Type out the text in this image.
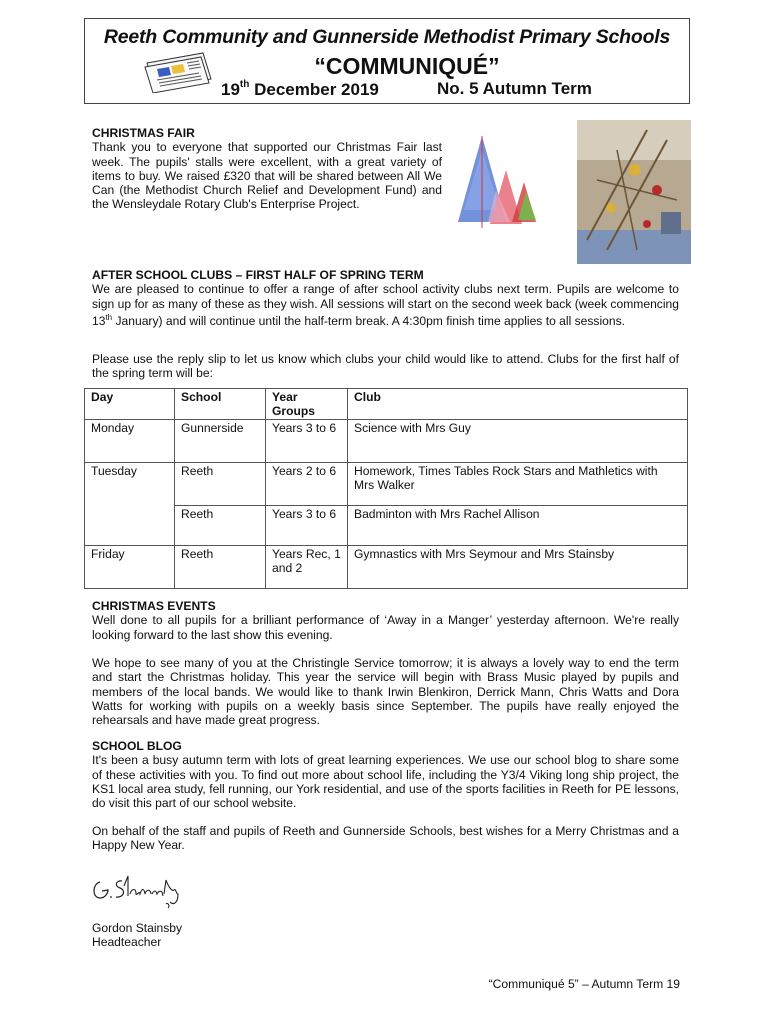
Reeth Community and Gunnerside Methodist Primary Schools
“COMMUNIQUÉ”
19th December 2019	No. 5 Autumn Term
CHRISTMAS FAIR
Thank you to everyone that supported our Christmas Fair last week. The pupils' stalls were excellent, with a great variety of items to buy. We raised £320 that will be shared between All We Can (the Methodist Church Relief and Development Fund) and the Wensleydale Rotary Club's Enterprise Project.
AFTER SCHOOL CLUBS – FIRST HALF OF SPRING TERM
We are pleased to continue to offer a range of after school activity clubs next term. Pupils are welcome to sign up for as many of these as they wish. All sessions will start on the second week back (week commencing 13th January) and will continue until the half-term break. A 4:30pm finish time applies to all sessions.
Please use the reply slip to let us know which clubs your child would like to attend. Clubs for the first half of the spring term will be:
Day	School	Year Groups	Club
Monday	Gunnerside	Years 3 to 6	Science with Mrs Guy
Tuesday	Reeth	Years 2 to 6	Homework, Times Tables Rock Stars and Mathletics with Mrs Walker
	Reeth	Years 3 to 6	Badminton with Mrs Rachel Allison
Friday	Reeth	Years Rec, 1 and 2	Gymnastics with Mrs Seymour and Mrs Stainsby
CHRISTMAS EVENTS
Well done to all pupils for a brilliant performance of ‘Away in a Manger’ yesterday afternoon. We're really looking forward to the last show this evening.
We hope to see many of you at the Christingle Service tomorrow; it is always a lovely way to end the term and start the Christmas holiday. This year the service will begin with Brass Music played by pupils and members of the local bands. We would like to thank Irwin Blenkiron, Derrick Mann, Chris Watts and Dora Watts for working with pupils on a weekly basis since September. The pupils have really enjoyed the rehearsals and have made great progress.
SCHOOL BLOG
It's been a busy autumn term with lots of great learning experiences. We use our school blog to share some of these activities with you. To find out more about school life, including the Y3/4 Viking long ship project, the KS1 local area study, fell running, our York residential, and use of the sports facilities in Reeth for PE lessons, do visit this part of our school website.
On behalf of the staff and pupils of Reeth and Gunnerside Schools, best wishes for a Merry Christmas and a Happy New Year.
Gordon Stainsby
Headteacher
“Communiqué 5” – Autumn Term 19
